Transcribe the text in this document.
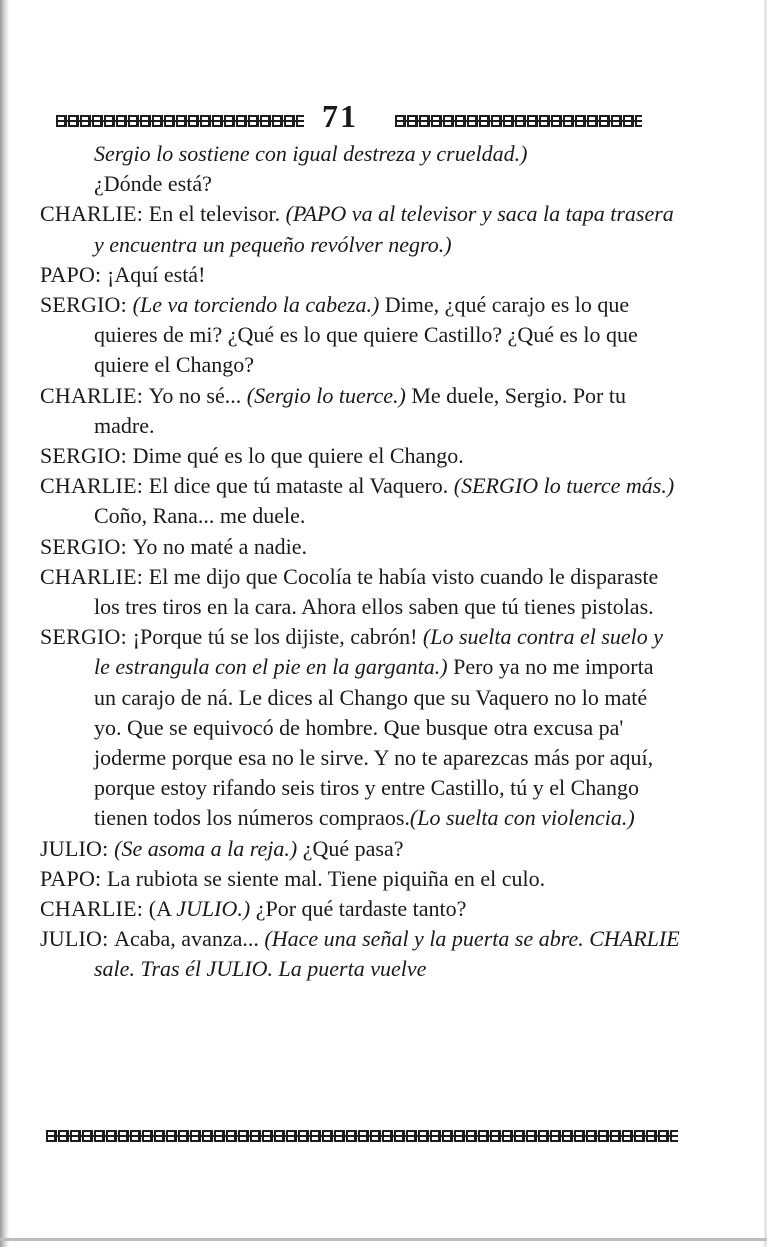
71

Sergio lo sostiene con igual destreza y crueldad.)

¿Dónde está?

CHARLIE: En el televisor. (PAPO va al televisor y saca la tapa trasera y encuentra un pequeño revólver negro.)

PAPO: ¡Aquí está!

SERGIO: (Le va torciendo la cabeza.) Dime, ¿qué carajo es lo que quieres de mi? ¿Qué es lo que quiere Castillo? ¿Qué es lo que quiere el Chango?

CHARLIE: Yo no sé... (Sergio lo tuerce.) Me duele, Sergio. Por tu madre.

SERGIO: Dime qué es lo que quiere el Chango.

CHARLIE: El dice que tú mataste al Vaquero. (SERGIO lo tuerce más.) Coño, Rana... me duele.

SERGIO: Yo no maté a nadie.

CHARLIE: El me dijo que Cocolía te había visto cuando le disparaste los tres tiros en la cara. Ahora ellos saben que tú tienes pistolas.

SERGIO: ¡Porque tú se los dijiste, cabrón! (Lo suelta contra el suelo y le estrangula con el pie en la garganta.) Pero ya no me importa un carajo de ná. Le dices al Chango que su Vaquero no lo maté yo. Que se equivocó de hombre. Que busque otra excusa pa' joderme porque esa no le sirve. Y no te aparezcas más por aquí, porque estoy rifando seis tiros y entre Castillo, tú y el Chango tienen todos los números compraos.(Lo suelta con violencia.)

JULIO: (Se asoma a la reja.) ¿Qué pasa?

PAPO: La rubiota se siente mal. Tiene piquiña en el culo.

CHARLIE: (A JULIO.) ¿Por qué tardaste tanto?

JULIO: Acaba, avanza... (Hace una señal y la puerta se abre. CHARLIE sale. Tras él JULIO. La puerta vuelve
